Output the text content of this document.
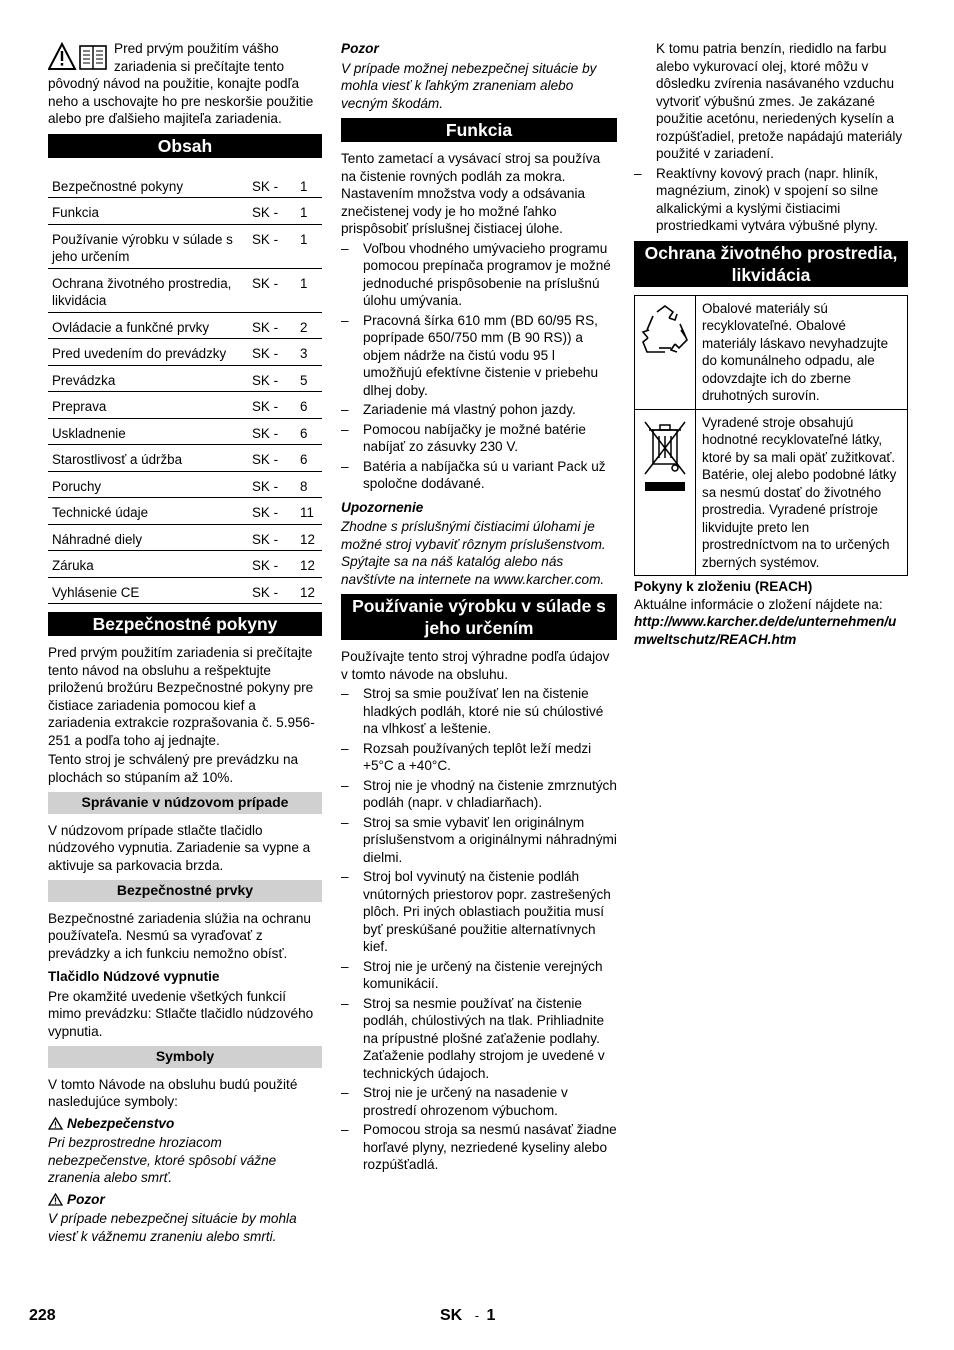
Pred prvým použitím vášho zariadenia si prečítajte tento pôvodný návod na použitie, konajte podľa neho a uschovajte ho pre neskoršie použitie alebo pre ďalšieho majiteľa zariadenia.

Obsah
Bezpečnostné pokyny	SK -	1
Funkcia	SK -	1
Používanie výrobku v súlade s jeho určením	SK -	1
Ochrana životného prostredia, likvidácia	SK -	1
Ovládacie a funkčné prvky	SK -	2
Pred uvedením do prevádzky	SK -	3
Prevádzka	SK -	5
Preprava	SK -	6
Uskladnenie	SK -	6
Starostlivosť a údržba	SK -	6
Poruchy	SK -	8
Technické údaje	SK -	11
Náhradné diely	SK -	12
Záruka	SK -	12
Vyhlásenie CE	SK -	12
Bezpečnostné pokyny

Pred prvým použitím zariadenia si prečítajte tento návod na obsluhu a rešpektujte priloženú brožúru Bezpečnostné pokyny pre čistiace zariadenia pomocou kief a zariadenia extrakcie rozprašovania č. 5.956-251 a podľa toho aj jednajte.

Tento stroj je schválený pre prevádzku na plochách so stúpaním až 10%.

Správanie v núdzovom prípade

V núdzovom prípade stlačte tlačidlo núdzového vypnutia. Zariadenie sa vypne a aktivuje sa parkovacia brzda.

Bezpečnostné prvky

Bezpečnostné zariadenia slúžia na ochranu používateľa. Nesmú sa vyraďovať z prevádzky a ich funkciu nemožno obísť.

Tlačidlo Núdzové vypnutie

Pre okamžité uvedenie všetkých funkcií mimo prevádzku: Stlačte tlačidlo núdzového vypnutia.

Symboly

V tomto Návode na obsluhu budú použité nasledujúce symboly:

Nebezpečenstvo

Pri bezprostredne hroziacom nebezpečenstve, ktoré spôsobí vážne zranenia alebo smrť.

Pozor

V prípade nebezpečnej situácie by mohla viesť k vážnemu zraneniu alebo smrti.

Pozor

V prípade možnej nebezpečnej situácie by mohla viesť k ľahkým zraneniam alebo vecným škodám.

Funkcia

Tento zametací a vysávací stroj sa používa na čistenie rovných podláh za mokra. Nastavením množstva vody a odsávania znečistenej vody je ho možné ľahko prispôsobiť príslušnej čistiacej úlohe.

– Voľbou vhodného umývacieho programu pomocou prepínača programov je možné jednoduché prispôsobenie na príslušnú úlohu umývania.
– Pracovná šírka 610 mm (BD 60/95 RS, poprípade 650/750 mm (B 90 RS)) a objem nádrže na čistú vodu 95 l umožňujú efektívne čistenie v priebehu dlhej doby.
– Zariadenie má vlastný pohon jazdy.
– Pomocou nabíjačky je možné batérie nabíjať zo zásuvky 230 V.
– Batéria a nabíjačka sú u variant Pack už spoločne dodávané.

Upozornenie

Zhodne s príslušnými čistiacimi úlohami je možné stroj vybaviť rôznym príslušenstvom.

Spýtajte sa na náš katalóg alebo nás navštívte na internete na www.karcher.com.

Používanie výrobku v súlade s jeho určením

Používajte tento stroj výhradne podľa údajov v tomto návode na obsluhu.

– Stroj sa smie používať len na čistenie hladkých podláh, ktoré nie sú chúlostivé na vlhkosť a leštenie.
– Rozsah používaných teplôt leží medzi +5°C a +40°C.
– Stroj nie je vhodný na čistenie zmrznutých podláh (napr. v chladiarňach).
– Stroj sa smie vybaviť len originálnym príslušenstvom a originálnymi náhradnými dielmi.
– Stroj bol vyvinutý na čistenie podláh vnútorných priestorov popr. zastrešených plôch. Pri iných oblastiach použitia musí byť preskúšané použitie alternatívnych kief.
– Stroj nie je určený na čistenie verejných komunikácií.
– Stroj sa nesmie používať na čistenie podláh, chúlostivých na tlak. Prihliadnite na prípustné plošné zaťaženie podlahy. Zaťaženie podlahy strojom je uvedené v technických údajoch.
– Stroj nie je určený na nasadenie v prostredí ohrozenom výbuchom.
– Pomocou stroja sa nesmú nasávať žiadne horľavé plyny, nezriedené kyseliny alebo rozpúšťadlá.

K tomu patria benzín, riedidlo na farbu alebo vykurovací olej, ktoré môžu v dôsledku zvírenia nasávaného vzduchu vytvoriť výbušnú zmes. Je zakázané použitie acetónu, neriedených kyselín a rozpúšťadiel, pretože napádajú materiály použité v zariadení.

– Reaktívny kovový prach (napr. hliník, magnézium, zinok) v spojení so silne alkalickými a kyslými čistiacimi prostriedkami vytvára výbušné plyny.
Ochrana životného prostredia, likvidácia
	Obalové materiály sú recyklovateľné. Obalové materiály láskavo nevyhadzujte do komunálneho odpadu, ale odovzdajte ich do zberne druhotných surovín.
	Vyradené stroje obsahujú hodnotné recyklovateľné látky, ktoré by sa mali opäť zužitkovať. Batérie, olej alebo podobné látky sa nesmú dostať do životného prostredia. Vyradené prístroje likvidujte preto len prostredníctvom na to určených zberných systémov.

Pokyny k zloženiu (REACH)

Aktuálne informácie o zložení nájdete na:

http://www.karcher.de/de/unternehmen/umweltschutz/REACH.htm

228	SK - 1
